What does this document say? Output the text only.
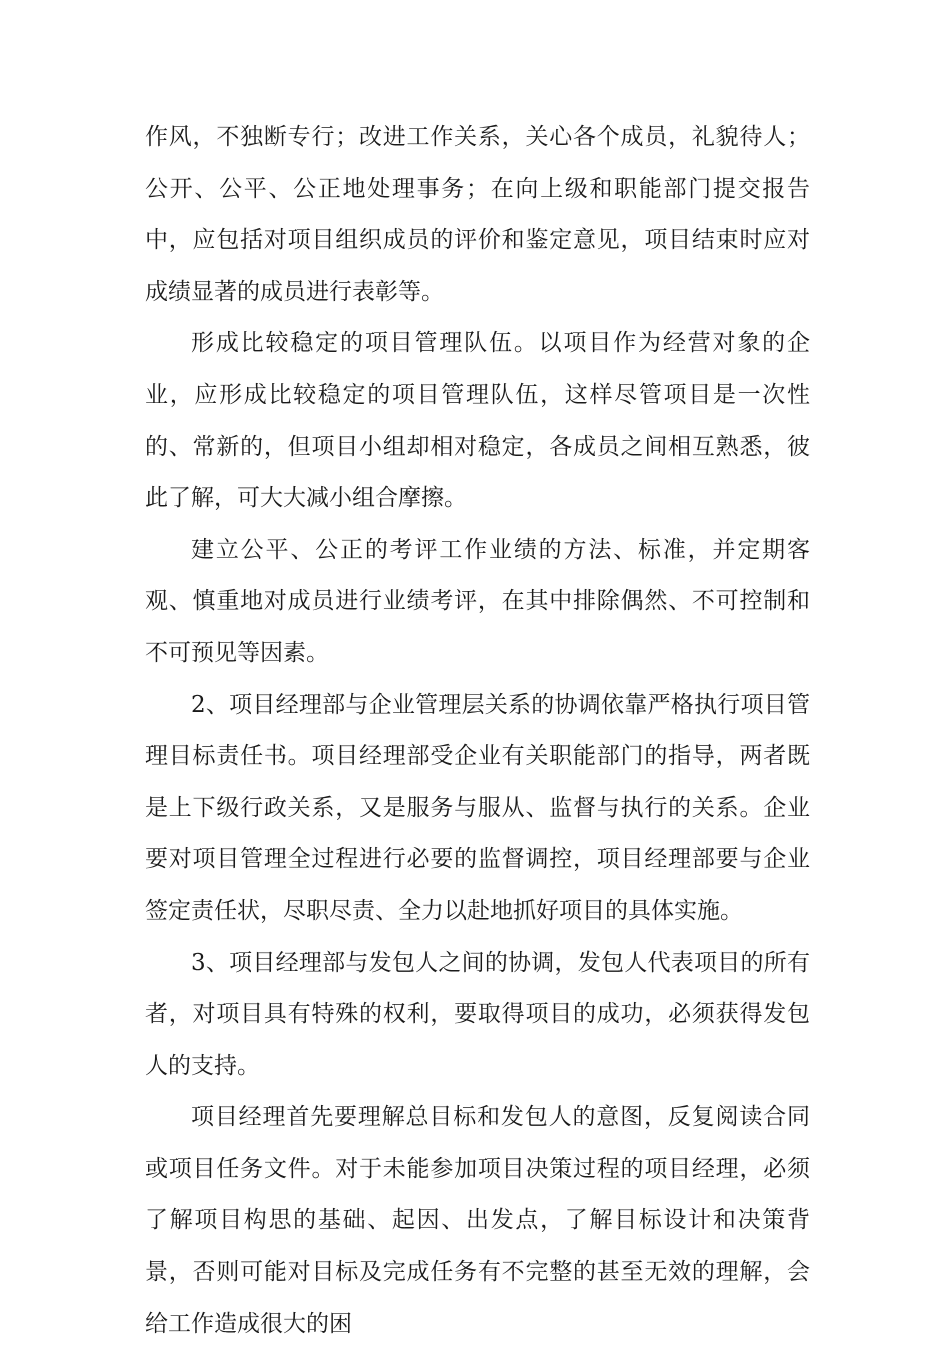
作风，不独断专行；改进工作关系，关心各个成员，礼貌待人；公开、公平、公正地处理事务；在向上级和职能部门提交报告中，应包括对项目组织成员的评价和鉴定意见，项目结束时应对成绩显著的成员进行表彰等。

形成比较稳定的项目管理队伍。以项目作为经营对象的企业，应形成比较稳定的项目管理队伍，这样尽管项目是一次性的、常新的，但项目小组却相对稳定，各成员之间相互熟悉，彼此了解，可大大减小组合摩擦。

建立公平、公正的考评工作业绩的方法、标准，并定期客观、慎重地对成员进行业绩考评，在其中排除偶然、不可控制和不可预见等因素。

2、项目经理部与企业管理层关系的协调依靠严格执行项目管理目标责任书。项目经理部受企业有关职能部门的指导，两者既是上下级行政关系，又是服务与服从、监督与执行的关系。企业要对项目管理全过程进行必要的监督调控，项目经理部要与企业签定责任状，尽职尽责、全力以赴地抓好项目的具体实施。

3、项目经理部与发包人之间的协调，发包人代表项目的所有者，对项目具有特殊的权利，要取得项目的成功，必须获得发包人的支持。

项目经理首先要理解总目标和发包人的意图，反复阅读合同或项目任务文件。对于未能参加项目决策过程的项目经理，必须了解项目构思的基础、起因、出发点，了解目标设计和决策背景，否则可能对目标及完成任务有不完整的甚至无效的理解，会给工作造成很大的困
